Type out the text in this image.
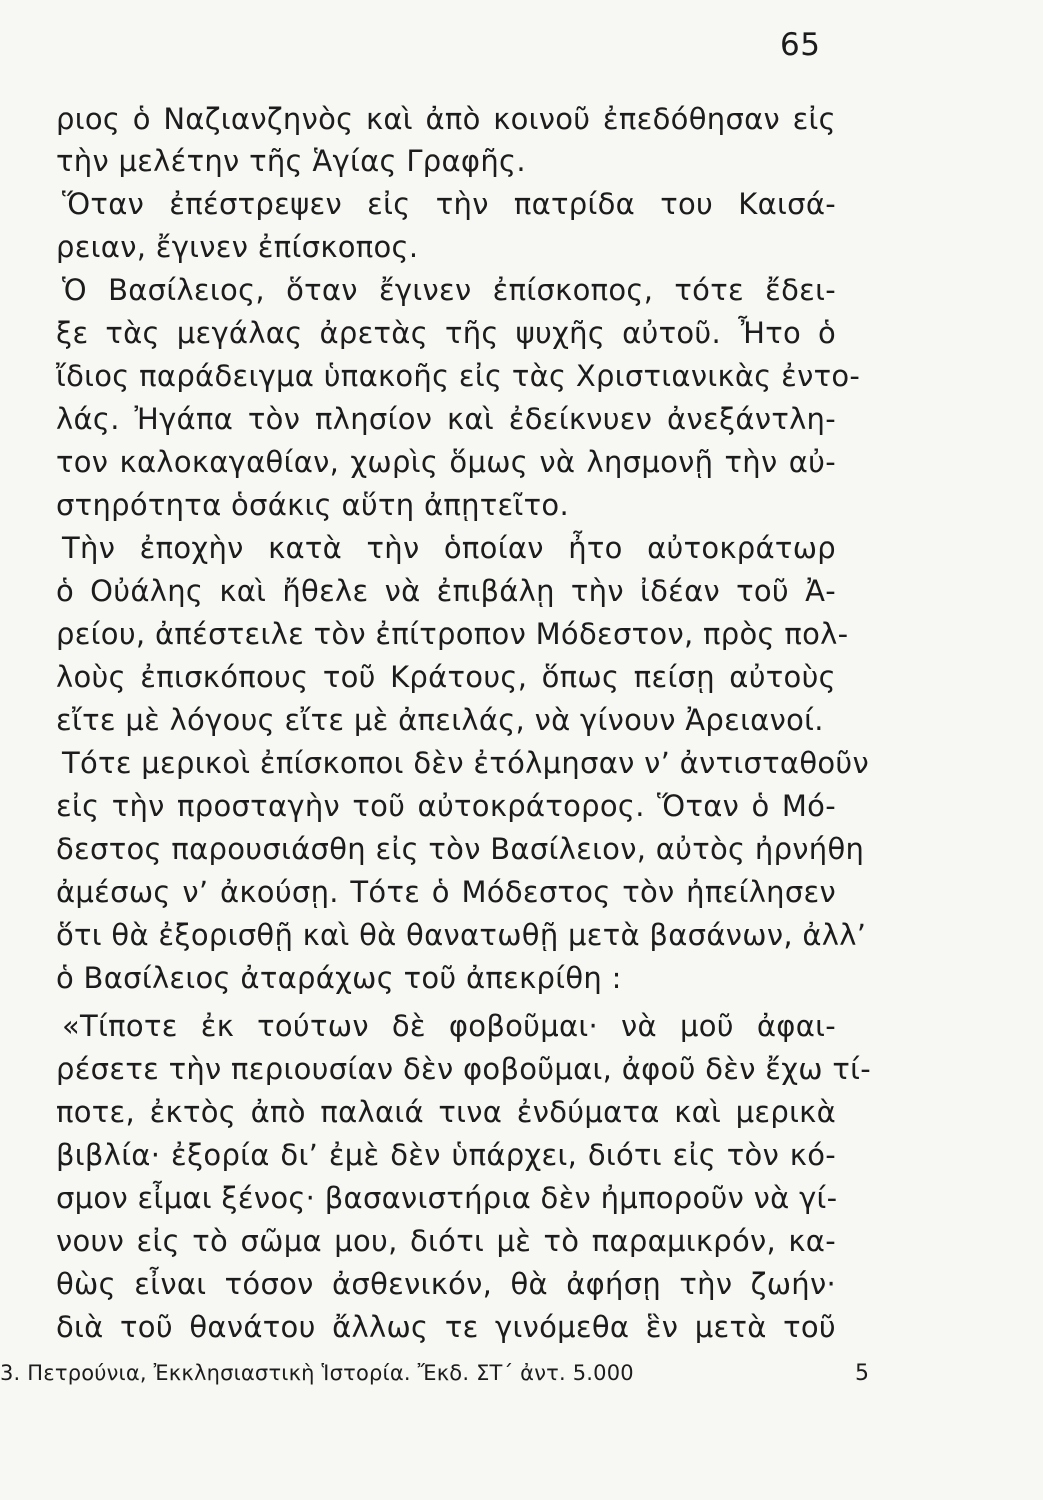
65
ριος ὁ Ναζιανζηνὸς καὶ ἀπὸ κοινοῦ ἐπεδόθησαν εἰς
τὴν μελέτην τῆς Ἁγίας Γραφῆς.
Ὅταν ἐπέστρεψεν εἰς τὴν πατρίδα του Καισά-
ρειαν, ἔγινεν ἐπίσκοπος.
Ὁ Βασίλειος, ὅταν ἔγινεν ἐπίσκοπος, τότε ἔδει-
ξε τὰς μεγάλας ἀρετὰς τῆς ψυχῆς αὐτοῦ. Ἦτο ὁ
ἴδιος παράδειγμα ὑπακοῆς εἰς τὰς Χριστιανικὰς ἐντο-
λάς. Ἠγάπα τὸν πλησίον καὶ ἐδείκνυεν ἀνεξάντλη-
τον καλοκαγαθίαν, χωρὶς ὅμως νὰ λησμονῇ τὴν αὐ-
στηρότητα ὁσάκις αὕτη ἀπῃτεῖτο.
Τὴν ἐποχὴν κατὰ τὴν ὁποίαν ἦτο αὐτοκράτωρ
ὁ Οὐάλης καὶ ἤθελε νὰ ἐπιβάλῃ τὴν ἰδέαν τοῦ Ἀ-
ρείου, ἀπέστειλε τὸν ἐπίτροπον Μόδεστον, πρὸς πολ-
λοὺς ἐπισκόπους τοῦ Κράτους, ὅπως πείσῃ αὐτοὺς
εἴτε μὲ λόγους εἴτε μὲ ἀπειλάς, νὰ γίνουν Ἀρειανοί.
Τότε μερικοὶ ἐπίσκοποι δὲν ἐτόλμησαν ν’ ἀντισταθοῦν
εἰς τὴν προσταγὴν τοῦ αὐτοκράτορος. Ὅταν ὁ Μό-
δεστος παρουσιάσθη εἰς τὸν Βασίλειον, αὐτὸς ἠρνήθη
ἀμέσως ν’ ἀκούσῃ. Τότε ὁ Μόδεστος τὸν ἠπείλησεν
ὅτι θὰ ἐξορισθῇ καὶ θὰ θανατωθῇ μετὰ βασάνων, ἀλλ’
ὁ Βασίλειος ἀταράχως τοῦ ἀπεκρίθη :
«Τίποτε ἐκ τούτων δὲ φοβοῦμαι· νὰ μοῦ ἀφαι-
ρέσετε τὴν περιουσίαν δὲν φοβοῦμαι, ἀφοῦ δὲν ἔχω τί-
ποτε, ἐκτὸς ἀπὸ παλαιά τινα ἐνδύματα καὶ μερικὰ
βιβλία· ἐξορία δι’ ἐμὲ δὲν ὑπάρχει, διότι εἰς τὸν κό-
σμον εἶμαι ξένος· βασανιστήρια δὲν ἠμποροῦν νὰ γί-
νουν εἰς τὸ σῶμα μου, διότι μὲ τὸ παραμικρόν, κα-
θὼς εἶναι τόσον ἀσθενικόν, θὰ ἀφήσῃ τὴν ζωήν·
διὰ τοῦ θανάτου ἄλλως τε γινόμεθα ἓν μετὰ τοῦ
3. Πετρούνια, Ἐκκλησιαστικὴ Ἱστορία. Ἔκδ. ΣΤ΄ ἀντ. 5.000	5
